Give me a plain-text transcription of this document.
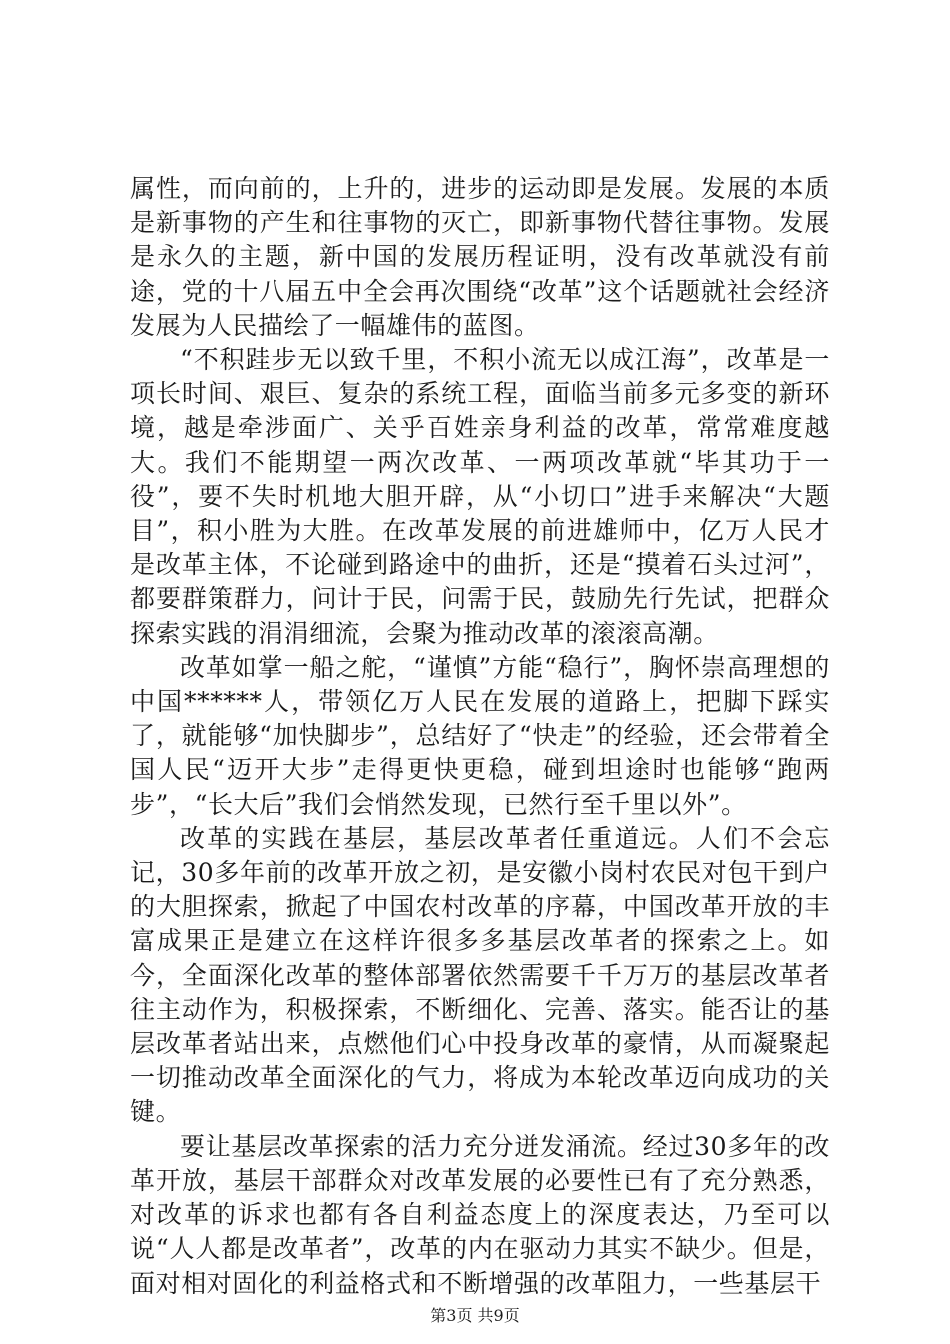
属性，而向前的，上升的，进步的运动即是发展。发展的本质是新事物的产生和往事物的灭亡，即新事物代替往事物。发展是永久的主题，新中国的发展历程证明，没有改革就没有前途，党的十八届五中全会再次围绕“改革”这个话题就社会经济发展为人民描绘了一幅雄伟的蓝图。

“不积跬步无以致千里，不积小流无以成江海”，改革是一项长时间、艰巨、复杂的系统工程，面临当前多元多变的新环境，越是牵涉面广、关乎百姓亲身利益的改革，常常难度越大。我们不能期望一两次改革、一两项改革就“毕其功于一役”，要不失时机地大胆开辟，从“小切口”进手来解决“大题目”，积小胜为大胜。在改革发展的前进雄师中，亿万人民才是改革主体，不论碰到路途中的曲折，还是“摸着石头过河”，都要群策群力，问计于民，问需于民，鼓励先行先试，把群众探索实践的涓涓细流，会聚为推动改革的滚滚高潮。

改革如掌一船之舵，“谨慎”方能“稳行”，胸怀崇高理想的中国******人，带领亿万人民在发展的道路上，把脚下踩实了，就能够“加快脚步”，总结好了“快走”的经验，还会带着全国人民“迈开大步”走得更快更稳，碰到坦途时也能够“跑两步”，“长大后”我们会悄然发现，已然行至千里以外”。

改革的实践在基层，基层改革者任重道远。人们不会忘记，30多年前的改革开放之初，是安徽小岗村农民对包干到户的大胆探索，掀起了中国农村改革的序幕，中国改革开放的丰富成果正是建立在这样许很多多基层改革者的探索之上。如今，全面深化改革的整体部署依然需要千千万万的基层改革者往主动作为，积极探索，不断细化、完善、落实。能否让的基层改革者站出来，点燃他们心中投身改革的豪情，从而凝聚起一切推动改革全面深化的气力，将成为本轮改革迈向成功的关键。

要让基层改革探索的活力充分迸发涌流。经过30多年的改革开放，基层干部群众对改革发展的必要性已有了充分熟悉，对改革的诉求也都有各自利益态度上的深度表达，乃至可以说“人人都是改革者”，改革的内在驱动力其实不缺少。但是，面对相对固化的利益格式和不断增强的改革阻力，一些基层干

第3页 共9页
